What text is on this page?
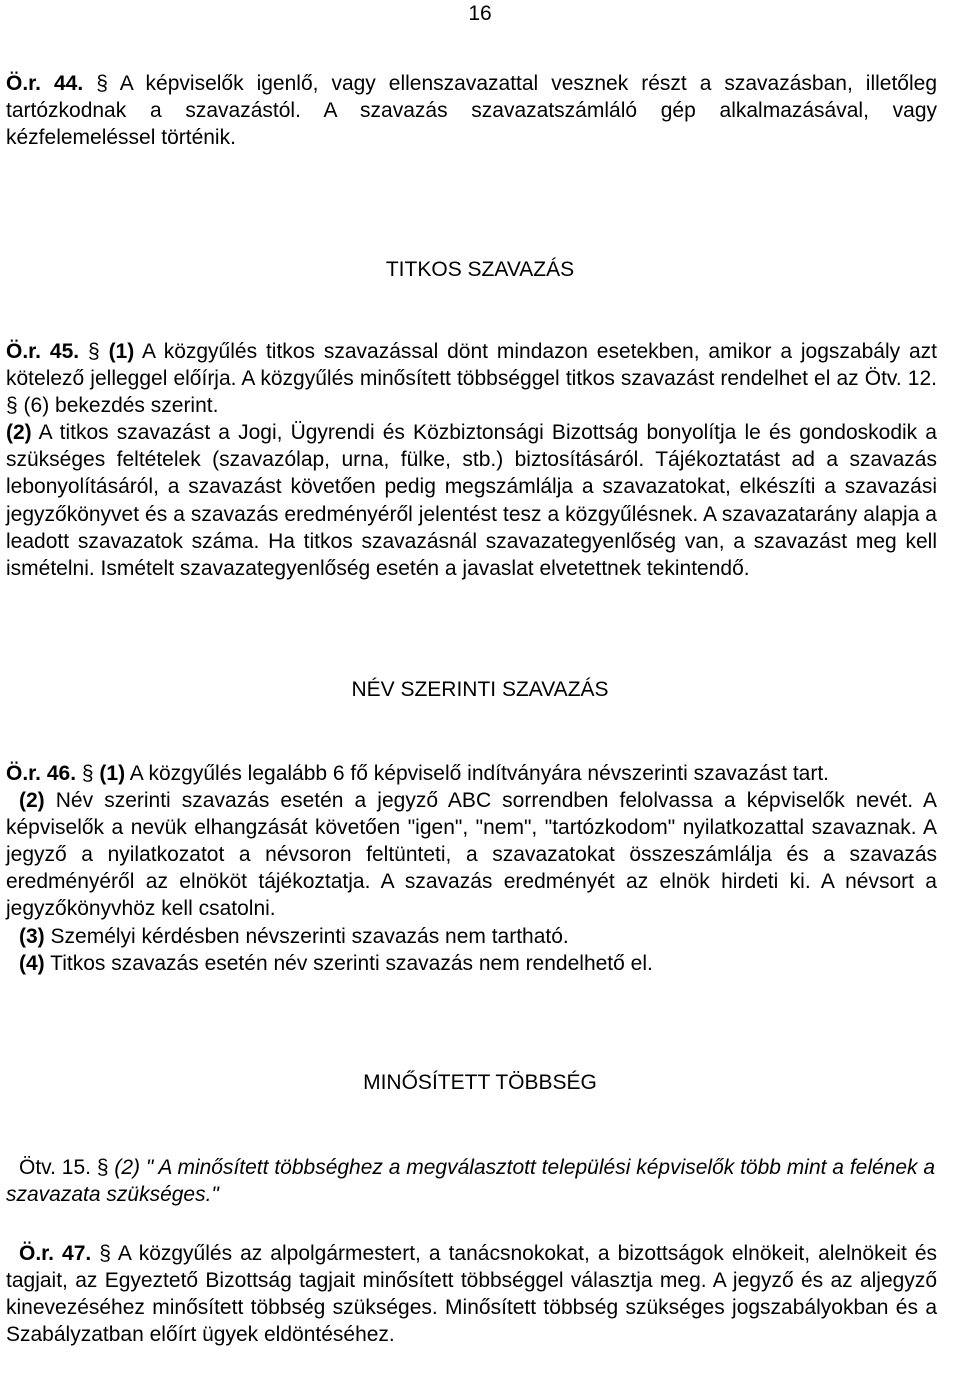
16
Ö.r. 44. § A képviselők igenlő, vagy ellenszavazattal vesznek részt a szavazásban, illetőleg tartózkodnak a szavazástól. A szavazás szavazatszámláló gép alkalmazásával, vagy kézfelemeléssel történik.
TITKOS SZAVAZÁS
Ö.r. 45. § (1) A közgyűlés titkos szavazással dönt mindazon esetekben, amikor a jogszabály azt kötelező jelleggel előírja. A közgyűlés minősített többséggel titkos szavazást rendelhet el az Ötv. 12. § (6) bekezdés szerint.
(2) A titkos szavazást a Jogi, Ügyrendi és Közbiztonsági Bizottság bonyolítja le és gondoskodik a szükséges feltételek (szavazólap, urna, fülke, stb.) biztosításáról. Tájékoztatást ad a szavazás lebonyolításáról, a szavazást követően pedig megszámlálja a szavazatokat, elkészíti a szavazási jegyzőkönyvet és a szavazás eredményéről jelentést tesz a közgyűlésnek. A szavazatarány alapja a leadott szavazatok száma. Ha titkos szavazásnál szavazategyenlőség van, a szavazást meg kell ismételni. Ismételt szavazategyenlőség esetén a javaslat elvetettnek tekintendő.
NÉV SZERINTI SZAVAZÁS
Ö.r. 46. § (1) A közgyűlés legalább 6 fő képviselő indítványára névszerinti szavazást tart.
(2) Név szerinti szavazás esetén a jegyző ABC sorrendben felolvassa a képviselők nevét. A képviselők a nevük elhangzását követően "igen", "nem", "tartózkodom" nyilatkozattal szavaznak. A jegyző a nyilatkozatot a névsoron feltünteti, a szavazatokat összeszámlálja és a szavazás eredményéről az elnököt tájékoztatja. A szavazás eredményét az elnök hirdeti ki. A névsort a jegyzőkönyvhöz kell csatolni.
(3) Személyi kérdésben névszerinti szavazás nem tartható.
(4) Titkos szavazás esetén név szerinti szavazás nem rendelhető el.
MINŐSÍTETT TÖBBSÉG
Ötv. 15. § (2) " A minősített többséghez a megválasztott települési képviselők több mint a felének a szavazata szükséges."
Ö.r. 47. § A közgyűlés az alpolgármestert, a tanácsnokokat, a bizottságok elnökeit, alelnökeit és tagjait, az Egyeztető Bizottság tagjait minősített többséggel választja meg. A jegyző és az aljegyző kinevezéséhez minősített többség szükséges. Minősített többség szükséges jogszabályokban és a Szabályzatban előírt ügyek eldöntéséhez.
